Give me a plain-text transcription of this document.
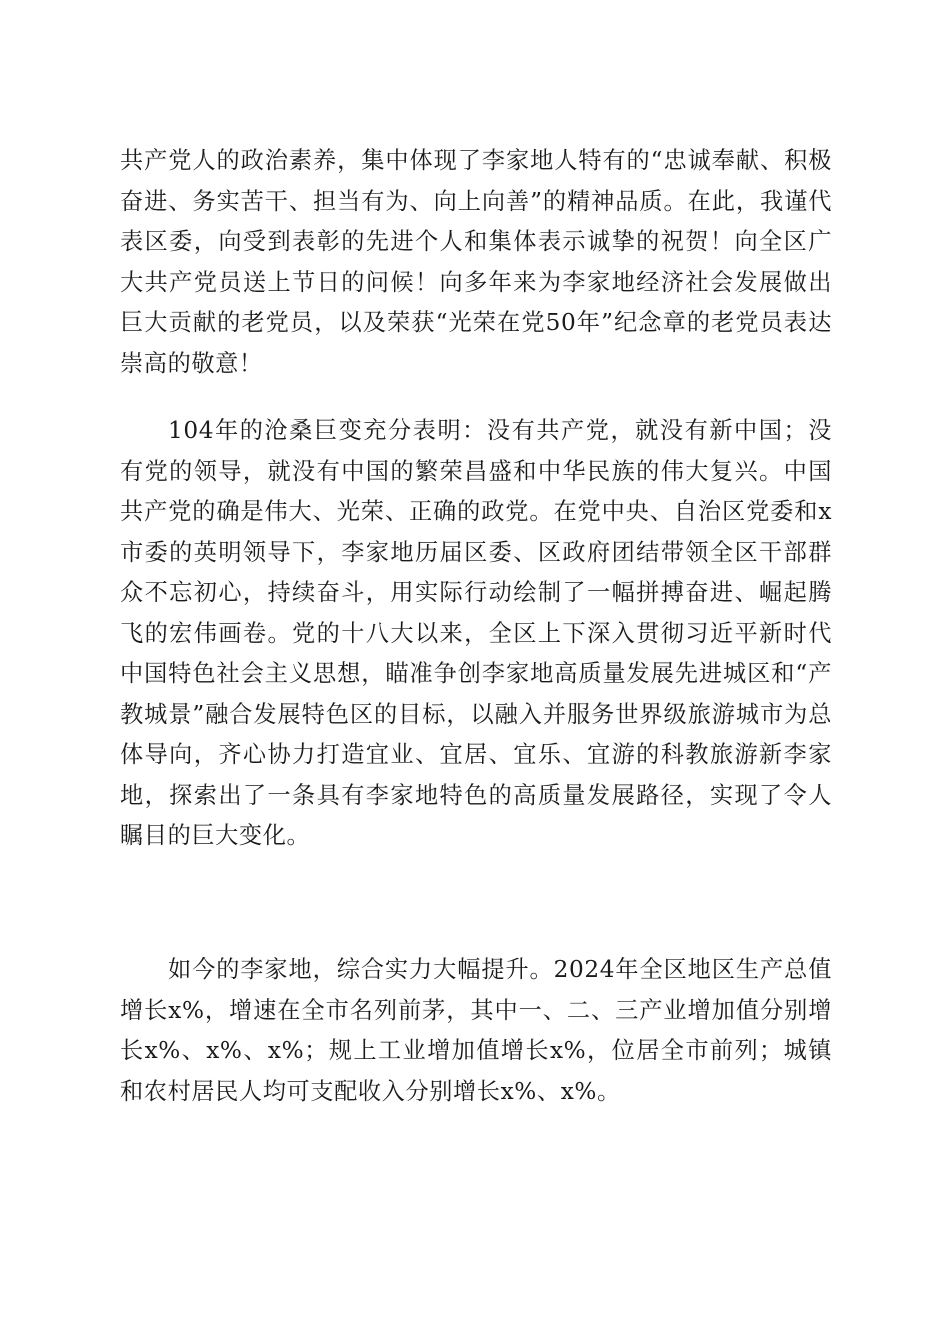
共产党人的政治素养，集中体现了李家地人特有的“忠诚奉献、积极奋进、务实苦干、担当有为、向上向善”的精神品质。在此，我谨代表区委，向受到表彰的先进个人和集体表示诚挚的祝贺！向全区广大共产党员送上节日的问候！向多年来为李家地经济社会发展做出巨大贡献的老党员，以及荣获“光荣在党50年”纪念章的老党员表达崇高的敬意！

104年的沧桑巨变充分表明：没有共产党，就没有新中国；没有党的领导，就没有中国的繁荣昌盛和中华民族的伟大复兴。中国共产党的确是伟大、光荣、正确的政党。在党中央、自治区党委和x市委的英明领导下，李家地历届区委、区政府团结带领全区干部群众不忘初心，持续奋斗，用实际行动绘制了一幅拼搏奋进、崛起腾飞的宏伟画卷。党的十八大以来，全区上下深入贯彻习近平新时代中国特色社会主义思想，瞄准争创李家地高质量发展先进城区和“产教城景”融合发展特色区的目标，以融入并服务世界级旅游城市为总体导向，齐心协力打造宜业、宜居、宜乐、宜游的科教旅游新李家地，探索出了一条具有李家地特色的高质量发展路径，实现了令人瞩目的巨大变化。

如今的李家地，综合实力大幅提升。2024年全区地区生产总值增长x%，增速在全市名列前茅，其中一、二、三产业增加值分别增长x%、x%、x%；规上工业增加值增长x%，位居全市前列；城镇和农村居民人均可支配收入分别增长x%、x%。
